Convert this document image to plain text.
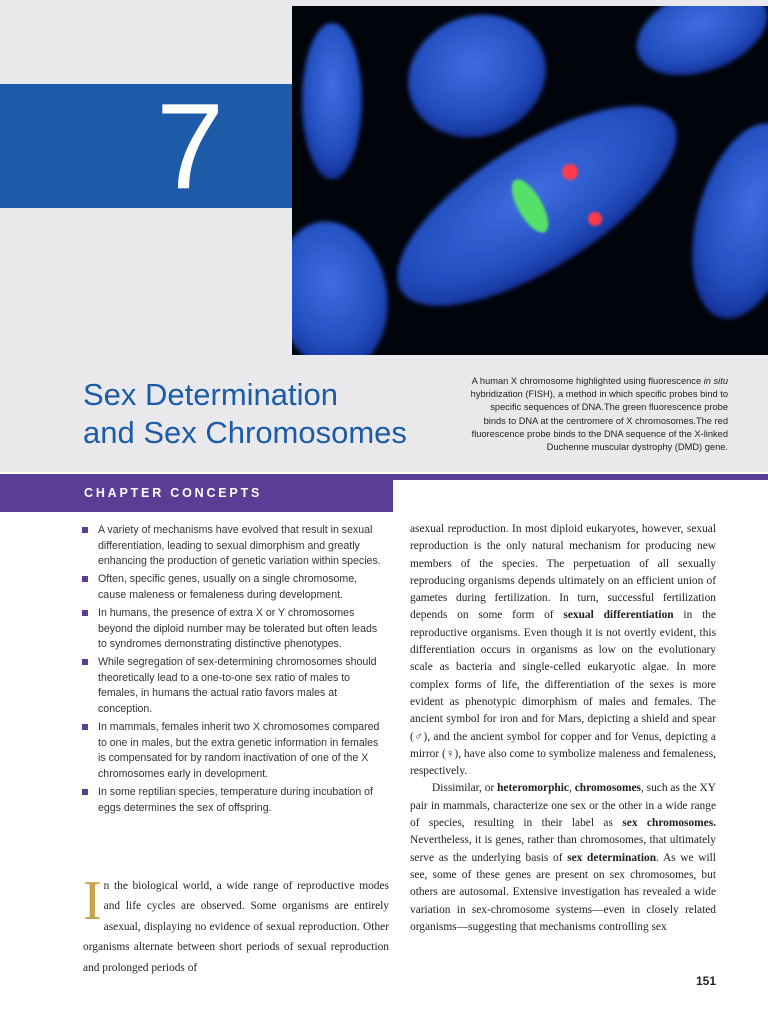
7
Sex Determination
and Sex Chromosomes
A human X chromosome highlighted using fluorescence in situ hybridization (FISH), a method in which specific probes bind to specific sequences of DNA.The green fluorescence probe binds to DNA at the centromere of X chromosomes.The red fluorescence probe binds to the DNA sequence of the X-linked Duchenne muscular dystrophy (DMD) gene.
CHAPTER CONCEPTS
A variety of mechanisms have evolved that result in sexual differentiation, leading to sexual dimorphism and greatly enhancing the production of genetic variation within species.
Often, specific genes, usually on a single chromosome, cause maleness or femaleness during development.
In humans, the presence of extra X or Y chromosomes beyond the diploid number may be tolerated but often leads to syndromes demonstrating distinctive phenotypes.
While segregation of sex-determining chromosomes should theoretically lead to a one-to-one sex ratio of males to females, in humans the actual ratio favors males at conception.
In mammals, females inherit two X chromosomes compared to one in males, but the extra genetic information in females is compensated for by random inactivation of one of the X chromosomes early in development.
In some reptilian species, temperature during incubation of eggs determines the sex of offspring.

In the biological world, a wide range of reproductive modes and life cycles are observed. Some organisms are entirely asexual, displaying no evidence of sexual reproduction. Other organisms alternate between short periods of sexual reproduction and prolonged periods of

asexual reproduction. In most diploid eukaryotes, however, sexual reproduction is the only natural mechanism for producing new members of the species. The perpetuation of all sexually reproducing organisms depends ultimately on an efficient union of gametes during fertilization. In turn, successful fertilization depends on some form of sexual differentiation in the reproductive organisms. Even though it is not overtly evident, this differentiation occurs in organisms as low on the evolutionary scale as bacteria and single-celled eukaryotic algae. In more complex forms of life, the differentiation of the sexes is more evident as phenotypic dimorphism of males and females. The ancient symbol for iron and for Mars, depicting a shield and spear (♂), and the ancient symbol for copper and for Venus, depicting a mirror (♀), have also come to symbolize maleness and femaleness, respectively.

Dissimilar, or heteromorphic, chromosomes, such as the XY pair in mammals, characterize one sex or the other in a wide range of species, resulting in their label as sex chromosomes. Nevertheless, it is genes, rather than chromosomes, that ultimately serve as the underlying basis of sex determination. As we will see, some of these genes are present on sex chromosomes, but others are autosomal. Extensive investigation has revealed a wide variation in sex-chromosome systems—even in closely related organisms—suggesting that mechanisms controlling sex

151
